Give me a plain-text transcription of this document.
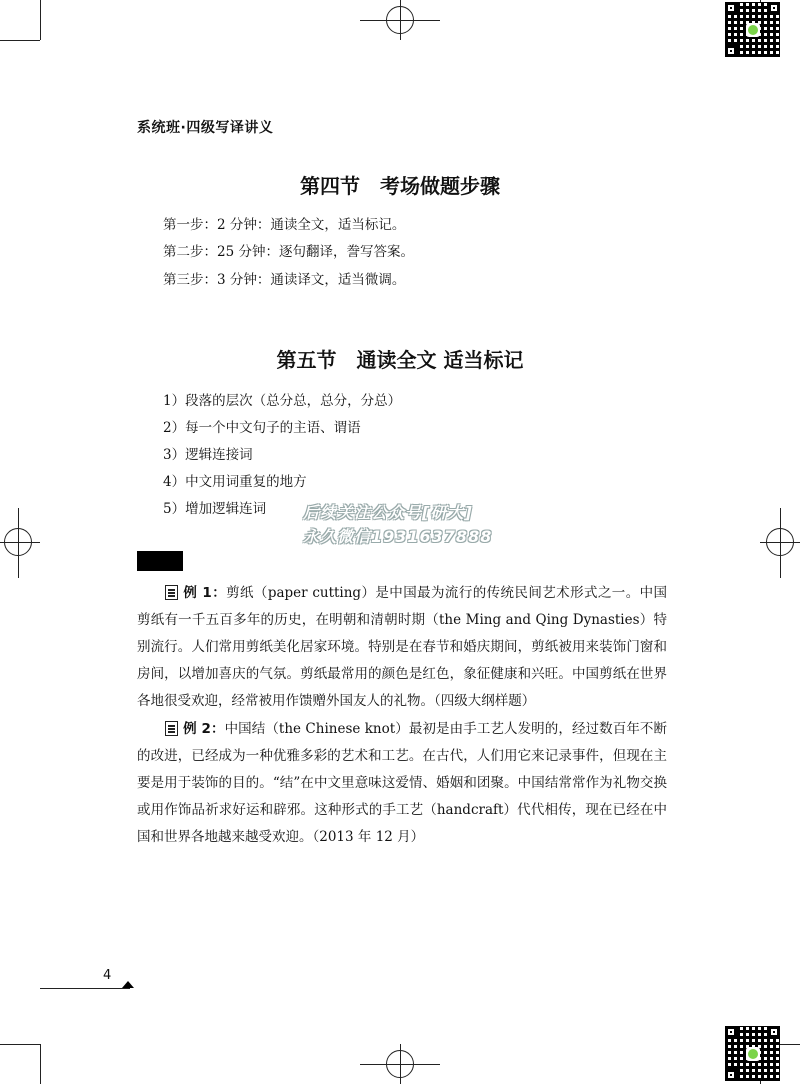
系统班·四级写译讲义
第四节　考场做题步骤
第一步：2 分钟：通读全文，适当标记。
第二步：25 分钟：逐句翻译，誊写答案。
第三步：3 分钟：通读译文，适当微调。
第五节　通读全文 适当标记
1）段落的层次（总分总，总分，分总）
2）每一个中文句子的主语、谓语
3）逻辑连接词
4）中文用词重复的地方
5）增加逻辑连词 后续关注公众号[研大]
永久微信1931637888
例 1：剪纸（paper cutting）是中国最为流行的传统民间艺术形式之一。中国剪纸有一千五百多年的历史，在明朝和清朝时期（the Ming and Qing Dynasties）特别流行。人们常用剪纸美化居家环境。特别是在春节和婚庆期间，剪纸被用来装饰门窗和房间，以增加喜庆的气氛。剪纸最常用的颜色是红色，象征健康和兴旺。中国剪纸在世界各地很受欢迎，经常被用作馈赠外国友人的礼物。（四级大纲样题）
例 2：中国结（the Chinese knot）最初是由手工艺人发明的，经过数百年不断的改进，已经成为一种优雅多彩的艺术和工艺。在古代，人们用它来记录事件，但现在主要是用于装饰的目的。“结”在中文里意味这爱情、婚姻和团聚。中国结常常作为礼物交换或用作饰品祈求好运和辟邪。这种形式的手工艺（handcraft）代代相传，现在已经在中国和世界各地越来越受欢迎。（2013 年 12 月）
4
